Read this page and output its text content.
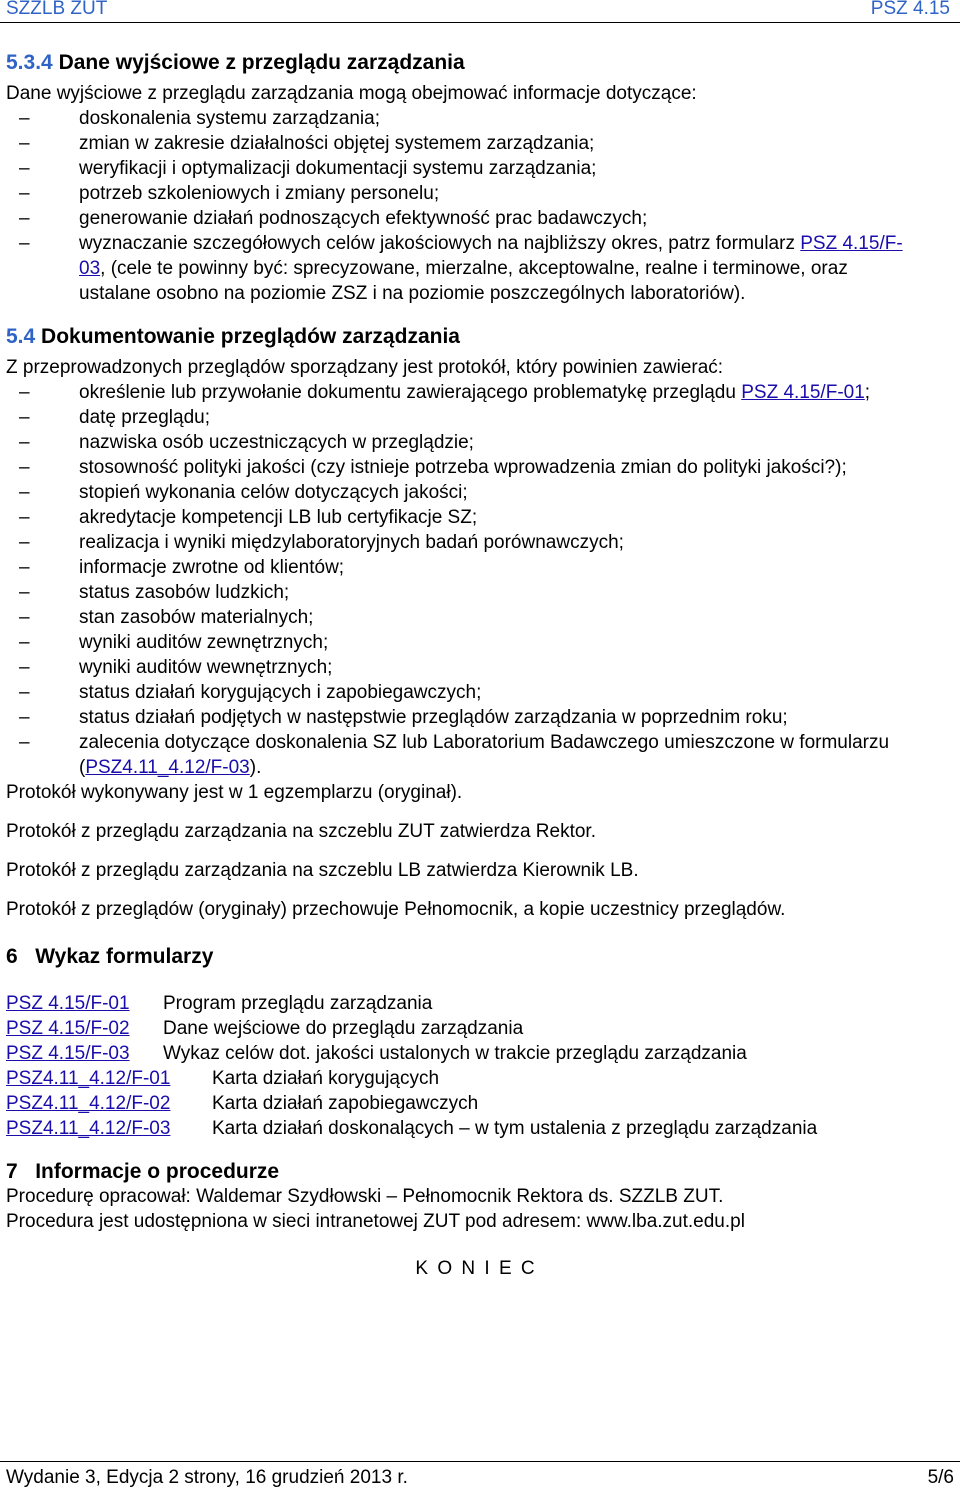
SZZLB ZUT	PSZ 4.15
5.3.4 Dane wyjściowe z przeglądu zarządzania

Dane wyjściowe z przeglądu zarządzania mogą obejmować informacje dotyczące:

–	doskonalenia systemu zarządzania;
–	zmian w zakresie działalności objętej systemem zarządzania;
–	weryfikacji i optymalizacji dokumentacji systemu zarządzania;
–	potrzeb szkoleniowych i zmiany personelu;
–	generowanie działań podnoszących efektywność prac badawczych;
–	wyznaczanie szczegółowych celów jakościowych na najbliższy okres, patrz formularz PSZ 4.15/F-03, (cele te powinny być: sprecyzowane, mierzalne, akceptowalne, realne i terminowe, oraz ustalane osobno na poziomie ZSZ i na poziomie poszczególnych laboratoriów).
5.4 Dokumentowanie przeglądów zarządzania

Z przeprowadzonych przeglądów sporządzany jest protokół, który powinien zawierać:

–	określenie lub przywołanie dokumentu zawierającego problematykę przeglądu PSZ 4.15/F-01;
–	datę przeglądu;
–	nazwiska osób uczestniczących w przeglądzie;
–	stosowność polityki jakości (czy istnieje potrzeba wprowadzenia zmian do polityki jakości?);
–	stopień wykonania celów dotyczących jakości;
–	akredytacje kompetencji LB lub certyfikacje SZ;
–	realizacja i wyniki międzylaboratoryjnych badań porównawczych;
–	informacje zwrotne od klientów;
–	status zasobów ludzkich;
–	stan zasobów materialnych;
–	wyniki auditów zewnętrznych;
–	wyniki auditów wewnętrznych;
–	status działań korygujących i zapobiegawczych;
–	status działań podjętych w następstwie przeglądów zarządzania w poprzednim roku;
–	zalecenia dotyczące doskonalenia SZ lub Laboratorium Badawczego umieszczone w formularzu (PSZ4.11_4.12/F-03).

Protokół wykonywany jest w 1 egzemplarzu (oryginał).

Protokół z przeglądu zarządzania na szczeblu ZUT zatwierdza Rektor.

Protokół z przeglądu zarządzania na szczeblu LB zatwierdza Kierownik LB.

Protokół z przeglądów (oryginały) przechowuje Pełnomocnik, a kopie uczestnicy przeglądów.

6 Wykaz formularzy
PSZ 4.15/F-01 Program przeglądu zarządzania
PSZ 4.15/F-02 Dane wejściowe do przeglądu zarządzania
PSZ 4.15/F-03 Wykaz celów dot. jakości ustalonych w trakcie przeglądu zarządzania
PSZ4.11_4.12/F-01 Karta działań korygujących
PSZ4.11_4.12/F-02 Karta działań zapobiegawczych
PSZ4.11_4.12/F-03 Karta działań doskonalących – w tym ustalenia z przeglądu zarządzania
7 Informacje o procedurze

Procedurę opracował: Waldemar Szydłowski – Pełnomocnik Rektora ds. SZZLB ZUT.

Procedura jest udostępniona w sieci intranetowej ZUT pod adresem: www.lba.zut.edu.pl

K O N I E C
Wydanie 3, Edycja 2 strony, 16 grudzień 2013 r.	5/6
